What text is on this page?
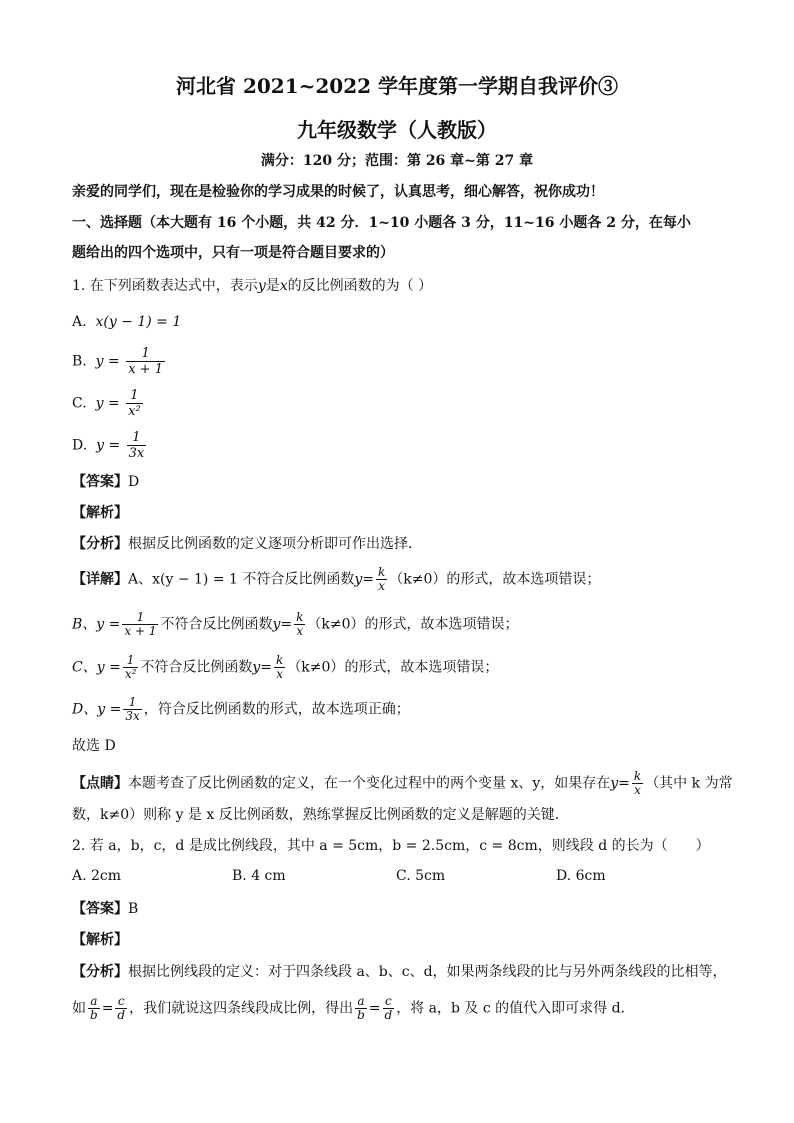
河北省 2021~2022 学年度第一学期自我评价③
九年级数学（人教版）
满分：120 分；范围：第 26 章~第 27 章
亲爱的同学们，现在是检验你的学习成果的时候了，认真思考，细心解答，祝你成功！
一、选择题（本大题有 16 个小题，共 42 分．1~10 小题各 3 分，11~16 小题各 2 分，在每小
题给出的四个选项中，只有一项是符合题目要求的）
1. 在下列函数表达式中，表示y是x的反比例函数的为（ ）
A. x(y − 1) = 1
B. $y = \frac{1}{x + 1}$
C. $y = \frac{1}{\text{x²}}$
D. $y = \frac{1}{3x}$
【答案】D
【解析】
【分析】根据反比例函数的定义逐项分析即可作出选择．
【详解】A、x(y − 1) = 1 不符合反比例函数$y= \frac{k}{x} (k\ne 0)$的形式，故本选项错误；
B、$y = \frac{1}{x + 1}$ 不符合反比例函数$y= \frac{k}{x} (k\ne 0)$的形式，故本选项错误；
C、$y = \frac{1}{\text{x²}}$ 不符合反比例函数$y= \frac{k}{x} (k\ne 0)$的形式，故本选项错误；
D、$y = \frac{1}{3x}$ ，符合反比例函数的形式，故本选项正确；
故选 D
【点睛】本题考查了反比例函数的定义，在一个变化过程中的两个变量 x、y，如果存在$y= \frac{k}{x}$ （其中 k 为常
数，k≠0）则称 y 是 x 反比例函数，熟练掌握反比例函数的定义是解题的关键．
2. 若 a，b，c，d 是成比例线段，其中 a = 5cm，b = 2.5cm，c = 8cm，则线段 d 的长为（　　）
A. 2cm	B. 4 cm	C. 5cm	D. 6cm
【答案】B
【解析】
【分析】根据比例线段的定义：对于四条线段 a、b、c、d，如果两条线段的比与另外两条线段的比相等，
如 $\frac{a}{b} = \frac{c}{d}$ ，我们就说这四条线段成比例，得出 $\frac{a}{b} = \frac{c}{d}$ ，将 a，b 及 c 的值代入即可求得 d．
